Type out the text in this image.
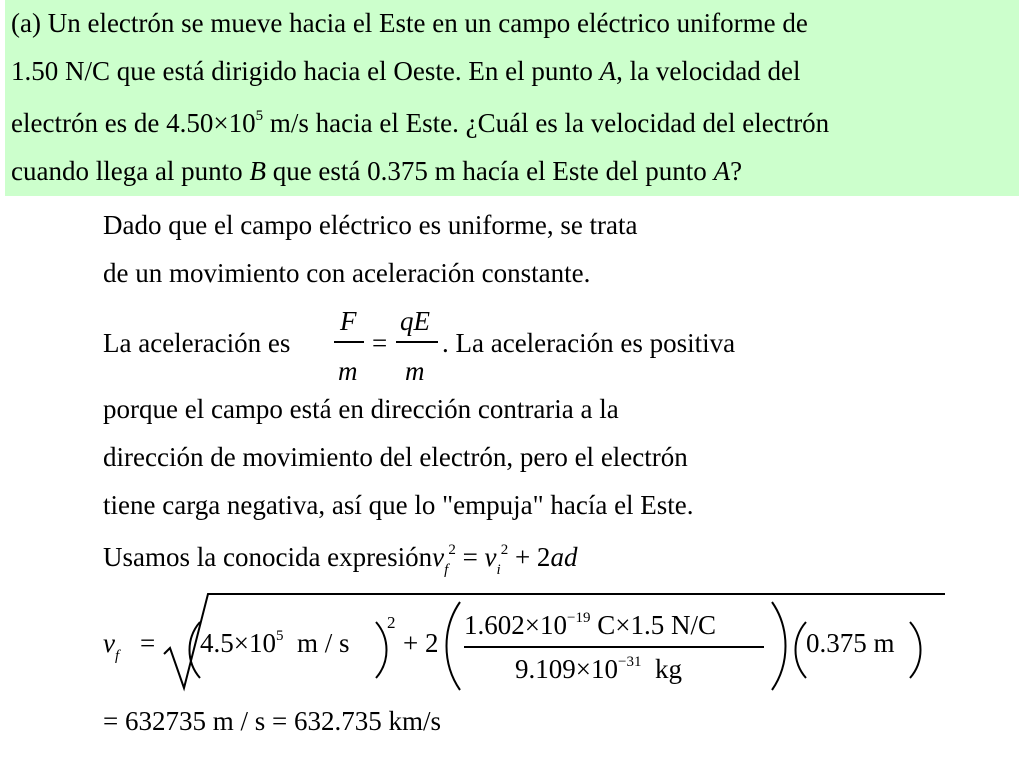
(a) Un electrón se mueve hacia el Este en un campo eléctrico uniforme de
1.50 N/C que está dirigido hacia el Oeste. En el punto A, la velocidad del
electrón es de $4.50\times 10^5$ m/s hacia el Este. ¿Cuál es la velocidad del electrón
cuando llega al punto B que está 0.375 m hacía el Este del punto A?
Dado que el campo eléctrico es uniforme, se trata
de un movimiento con aceleración constante.
La aceleración es
F
m
=
qE
m
. La aceleración es positiva
porque el campo está en dirección contraria a la
dirección de movimiento del electrón, pero el electrón
tiene carga negativa, así que lo "empuja" hacía el Este.
Usamos la conocida expresiónv$_f^2$ = $v_i^2 + 2ad$
$v_f = 4.5\times 10^5$ m / s
2
+ 2
$1.602\times 10^{-19}$ C×1.5 N/C
$9.109\times 10^{-31}$ kg
0.375 m
= 632735 m / s = 632.735 km/s
